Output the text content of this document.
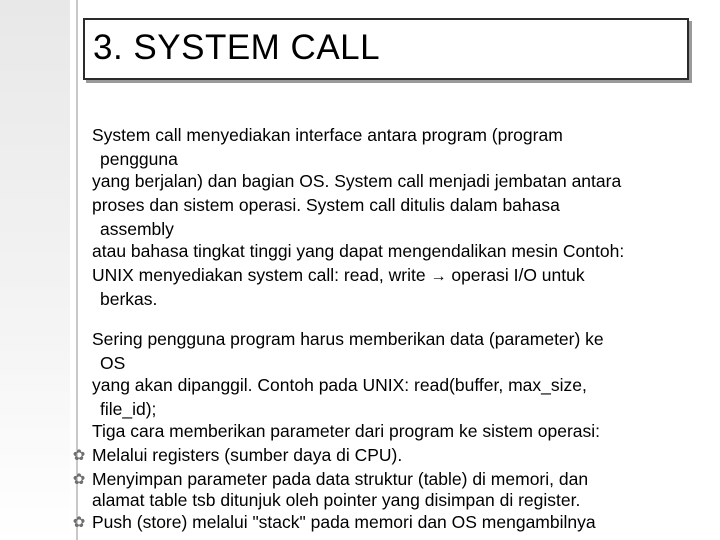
3. SYSTEM CALL
System call menyediakan interface antara program (program
pengguna
yang berjalan) dan bagian OS. System call menjadi jembatan antara
proses dan sistem operasi. System call ditulis dalam bahasa
assembly
atau bahasa tingkat tinggi yang dapat mengendalikan mesin Contoh:
UNIX menyediakan system call: read, write → operasi I/O untuk
berkas.
Sering pengguna program harus memberikan data (parameter) ke
OS
yang akan dipanggil. Contoh pada UNIX: read(buffer, max_size,
file_id);
Tiga cara memberikan parameter dari program ke sistem operasi:
✿ Melalui registers (sumber daya di CPU).
✿ Menyimpan parameter pada data struktur (table) di memori, dan
alamat table tsb ditunjuk oleh pointer yang disimpan di register.
✿ Push (store) melalui "stack" pada memori dan OS mengambilnya
